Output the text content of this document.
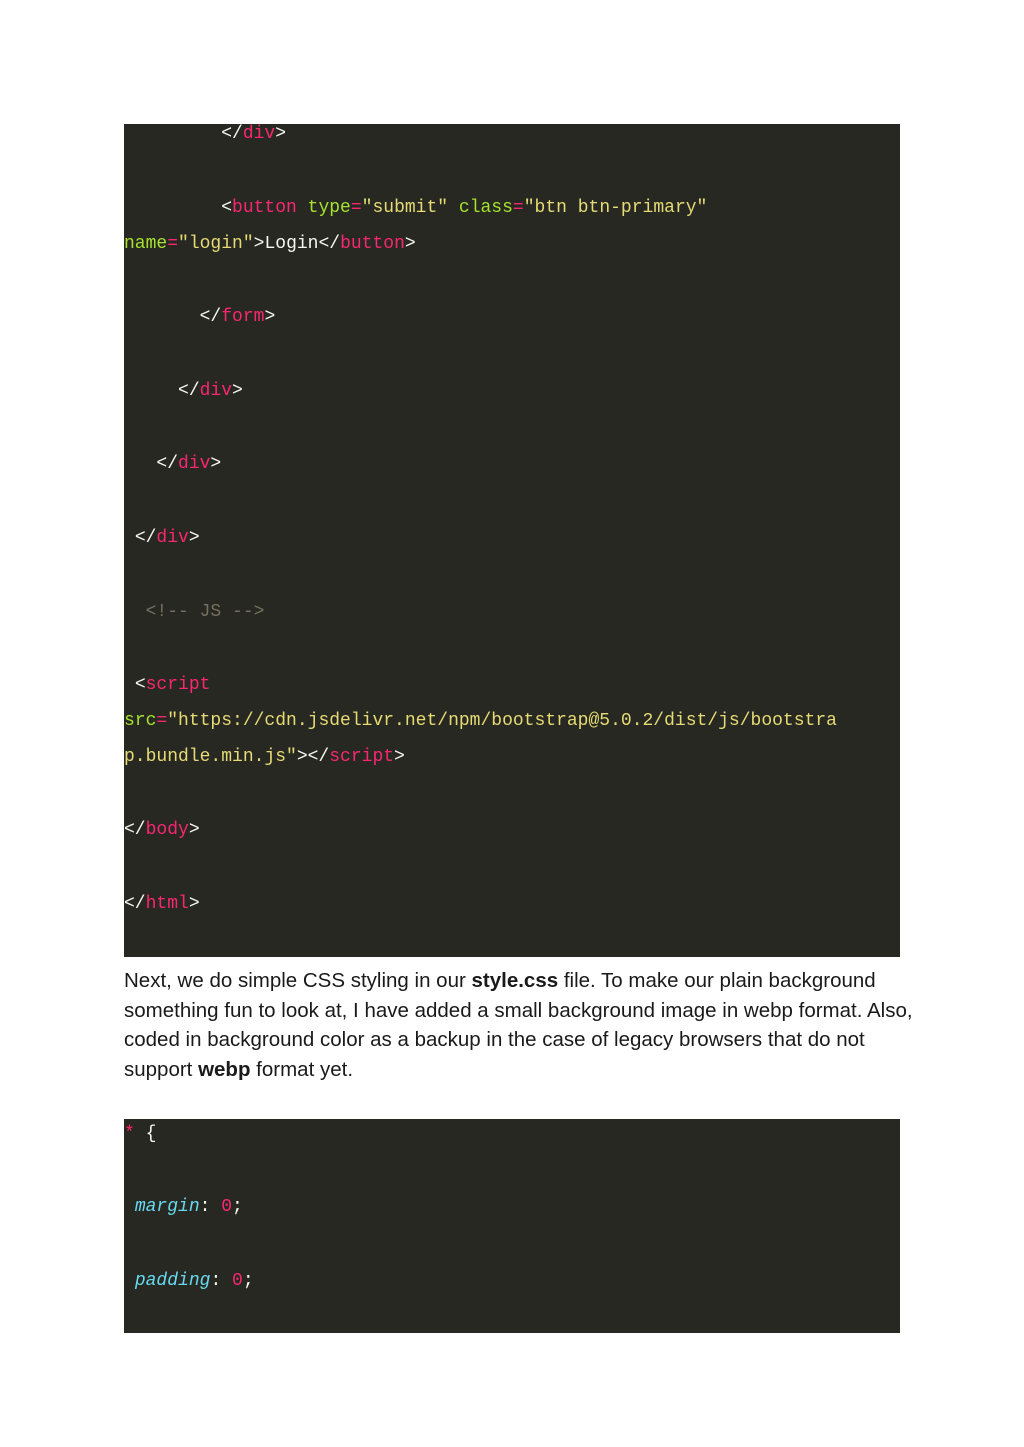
</div>

<button type="submit" class="btn btn-primary"

name="login">Login</button>

</form>

</div>

</div>

</div>

<!-- JS -->

<script

src="https://cdn.jsdelivr.net/npm/bootstrap@5.0.2/dist/js/bootstra

p.bundle.min.js"></script>

</body>

</html>

Next, we do simple CSS styling in our style.css file. To make our plain background something fun to look at, I have added a small background image in webp format. Also, coded in background color as a backup in the case of legacy browsers that do not support webp format yet.

* {

margin: 0;

padding: 0;
